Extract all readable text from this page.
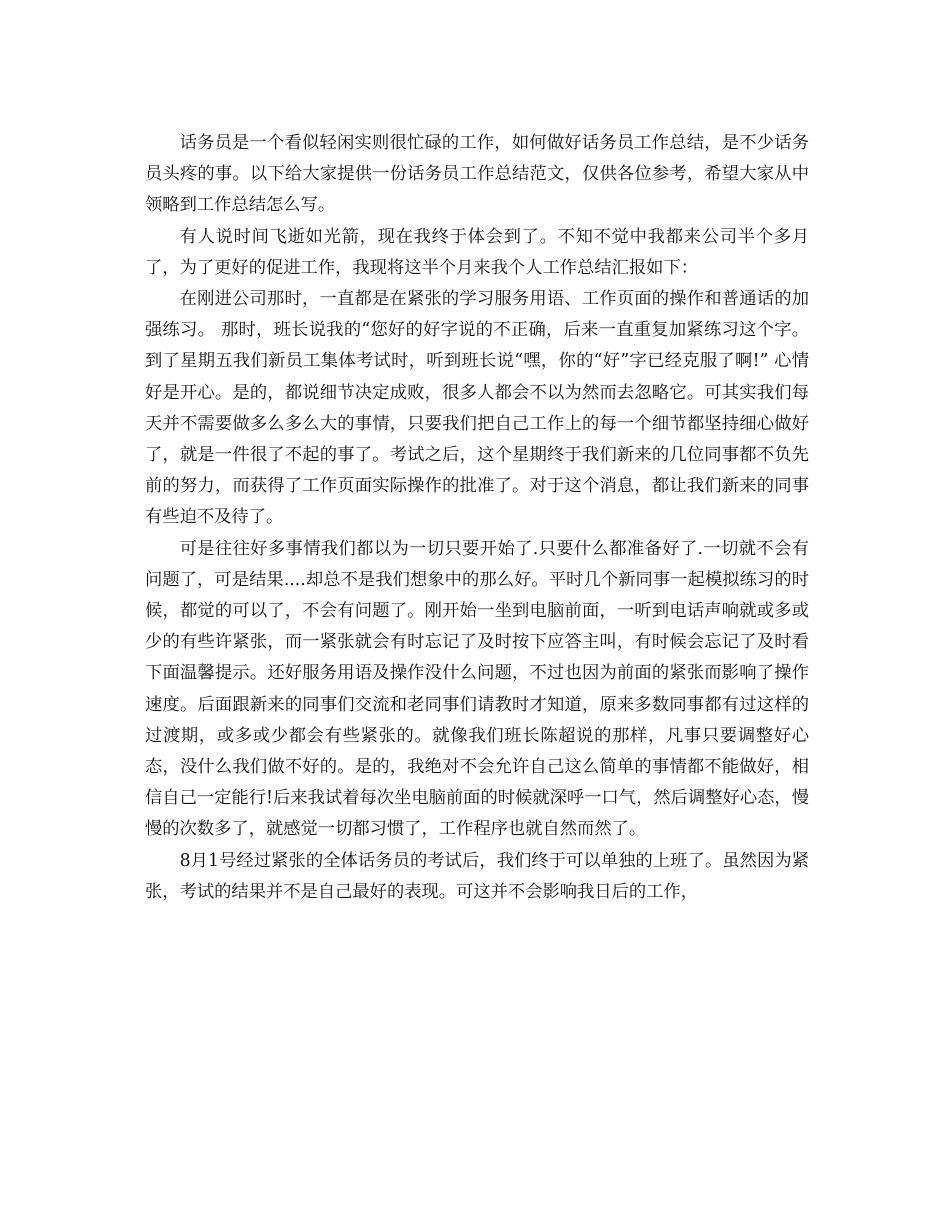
话务员是一个看似轻闲实则很忙碌的工作，如何做好话务员工作总结，是不少话务员头疼的事。以下给大家提供一份话务员工作总结范文，仅供各位参考，希望大家从中领略到工作总结怎么写。

有人说时间飞逝如光箭，现在我终于体会到了。不知不觉中我都来公司半个多月了，为了更好的促进工作，我现将这半个月来我个人工作总结汇报如下：

在刚进公司那时，一直都是在紧张的学习服务用语、工作页面的操作和普通话的加强练习。 那时，班长说我的“您好的好字说的不正确，后来一直重复加紧练习这个字。到了星期五我们新员工集体考试时，听到班长说“嘿，你的“好”字已经克服了啊!” 心情好是开心。是的，都说细节决定成败，很多人都会不以为然而去忽略它。可其实我们每天并不需要做多么多么大的事情，只要我们把自己工作上的每一个细节都坚持细心做好了，就是一件很了不起的事了。考试之后，这个星期终于我们新来的几位同事都不负先前的努力，而获得了工作页面实际操作的批准了。对于这个消息，都让我们新来的同事有些迫不及待了。

可是往往好多事情我们都以为一切只要开始了.只要什么都准备好了.一切就不会有问题了，可是结果....却总不是我们想象中的那么好。平时几个新同事一起模拟练习的时候，都觉的可以了，不会有问题了。刚开始一坐到电脑前面，一听到电话声响就或多或少的有些许紧张，而一紧张就会有时忘记了及时按下应答主叫，有时候会忘记了及时看下面温馨提示。还好服务用语及操作没什么问题，不过也因为前面的紧张而影响了操作速度。后面跟新来的同事们交流和老同事们请教时才知道，原来多数同事都有过这样的过渡期，或多或少都会有些紧张的。就像我们班长陈超说的那样，凡事只要调整好心态，没什么我们做不好的。是的，我绝对不会允许自己这么简单的事情都不能做好，相信自己一定能行!后来我试着每次坐电脑前面的时候就深呼一口气，然后调整好心态，慢慢的次数多了，就感觉一切都习惯了，工作程序也就自然而然了。

8月1号经过紧张的全体话务员的考试后，我们终于可以单独的上班了。虽然因为紧张，考试的结果并不是自己最好的表现。可这并不会影响我日后的工作，
